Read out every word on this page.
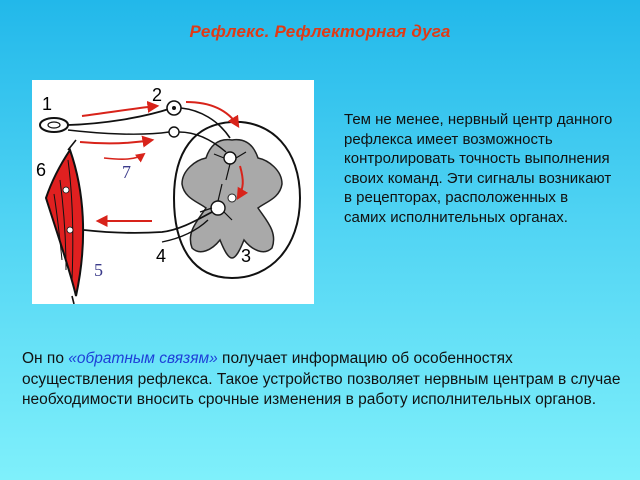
Рефлекс. Рефлекторная дуга
1	2
3
4
5
6	7
Тем не менее, нервный центр данного рефлекса имеет возможность контролировать точность выполнения своих команд. Эти сигналы возникают в рецепторах, расположенных в самих исполнительных органах.
Он по «обратным связям» получает информацию об особенностях осуществления рефлекса. Такое устройство позволяет нервным центрам в случае необходимости вносить срочные изменения в работу исполнительных органов.
